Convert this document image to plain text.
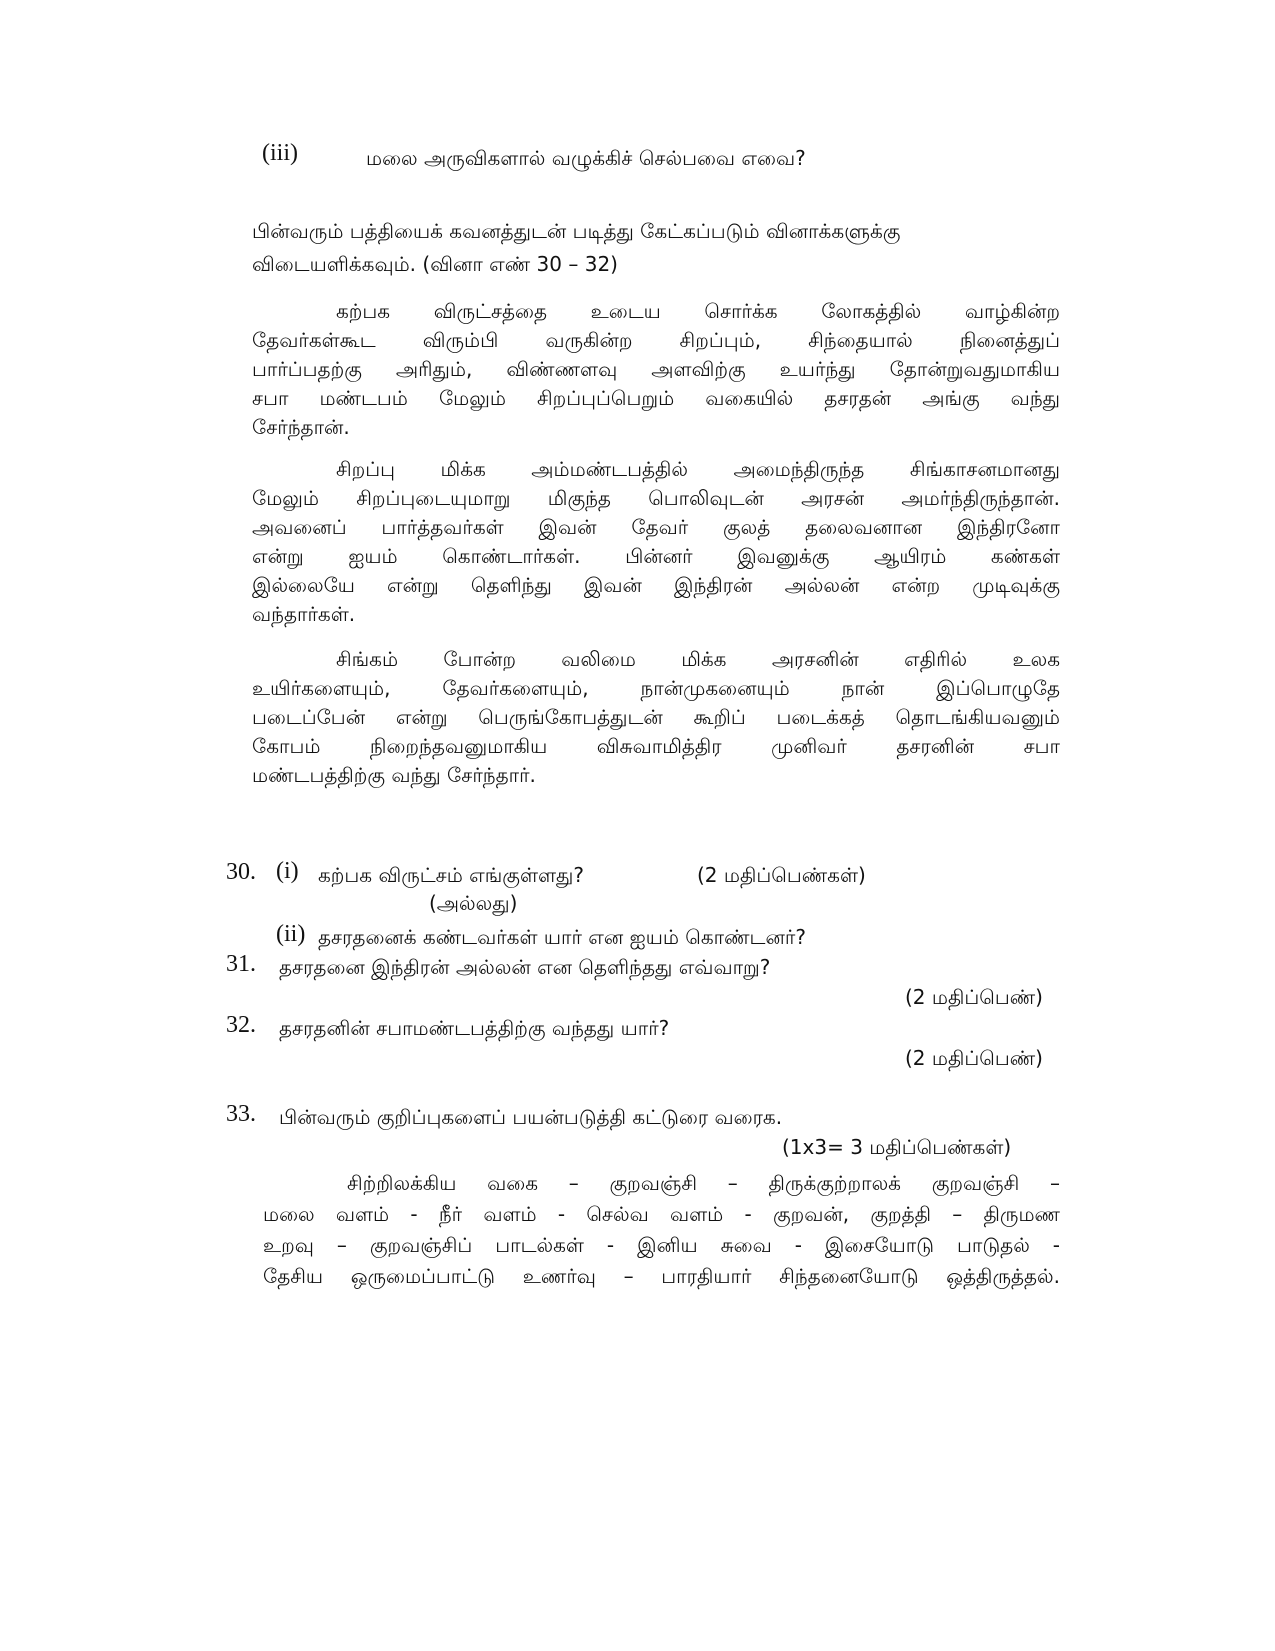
(iii)	மலை அருவிகளால் வழுக்கிச் செல்பவை எவை?
பின்வரும் பத்தியைக் கவனத்துடன் படித்து கேட்கப்படும் வினாக்களுக்கு
விடையளிக்கவும். (வினா எண் 30 – 32)
கற்பக விருட்சத்தை உடைய சொர்க்க லோகத்தில் வாழ்கின்ற
தேவர்கள்கூட விரும்பி வருகின்ற சிறப்பும், சிந்தையால் நினைத்துப்
பார்ப்பதற்கு அரிதும், விண்ணளவு அளவிற்கு உயர்ந்து தோன்றுவதுமாகிய
சபா மண்டபம் மேலும் சிறப்புப்பெறும் வகையில் தசரதன் அங்கு வந்து
சேர்ந்தான்.
சிறப்பு மிக்க அம்மண்டபத்தில் அமைந்திருந்த சிங்காசனமானது
மேலும் சிறப்புடையுமாறு மிகுந்த பொலிவுடன் அரசன் அமர்ந்திருந்தான்.
அவனைப் பார்த்தவர்கள் இவன் தேவர் குலத் தலைவனான இந்திரனோ
என்று ஐயம் கொண்டார்கள். பின்னர் இவனுக்கு ஆயிரம் கண்கள்
இல்லையே என்று தெளிந்து இவன் இந்திரன் அல்லன் என்ற முடிவுக்கு
வந்தார்கள்.
சிங்கம் போன்ற வலிமை மிக்க அரசனின் எதிரில் உலக
உயிர்களையும், தேவர்களையும், நான்முகனையும் நான் இப்பொழுதே
படைப்பேன் என்று பெருங்கோபத்துடன் கூறிப் படைக்கத் தொடங்கியவனும்
கோபம் நிறைந்தவனுமாகிய விசுவாமித்திர முனிவர் தசரனின் சபா
மண்டபத்திற்கு வந்து சேர்ந்தார்.
30. (i) கற்பக விருட்சம் எங்குள்ளது?	(2 மதிப்பெண்கள்)
(அல்லது)
(ii) தசரதனைக் கண்டவர்கள் யார் என ஐயம் கொண்டனர்?
31. தசரதனை இந்திரன் அல்லன் என தெளிந்தது எவ்வாறு?
(2 மதிப்பெண்)
32. தசரதனின் சபாமண்டபத்திற்கு வந்தது யார்?
(2 மதிப்பெண்)
33. பின்வரும் குறிப்புகளைப் பயன்படுத்தி கட்டுரை வரைக.
(1x3= 3 மதிப்பெண்கள்)
சிற்றிலக்கிய வகை – குறவஞ்சி – திருக்குற்றாலக் குறவஞ்சி –
மலை வளம் - நீர் வளம் - செல்வ வளம் - குறவன், குறத்தி – திருமண
உறவு – குறவஞ்சிப் பாடல்கள் - இனிய சுவை - இசையோடு பாடுதல் -
தேசிய ஒருமைப்பாட்டு உணர்வு – பாரதியார் சிந்தனையோடு ஒத்திருத்தல்.
